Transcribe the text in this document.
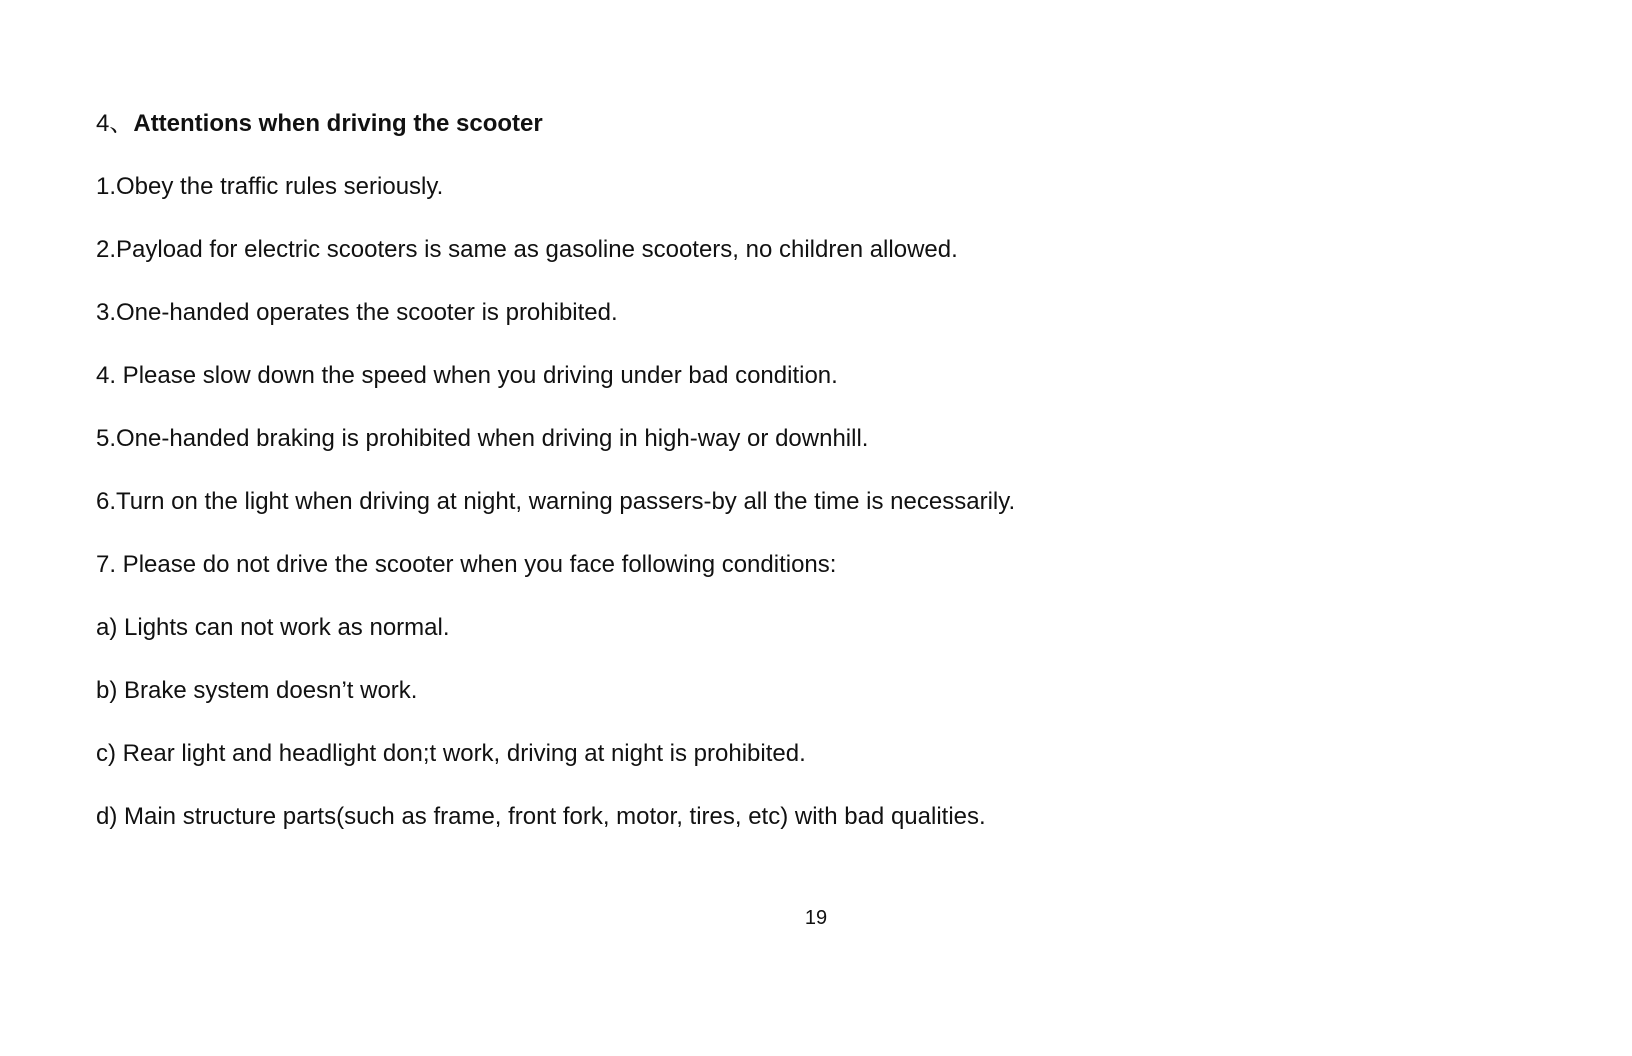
4、Attentions when driving the scooter
1.Obey the traffic rules seriously.
2.Payload for electric scooters is same as gasoline scooters, no children allowed.
3.One-handed operates the scooter is prohibited.
4. Please slow down the speed when you driving under bad condition.
5.One-handed braking is prohibited when driving in high-way or downhill.
6.Turn on the light when driving at night, warning passers-by all the time is necessarily.
7. Please do not drive the scooter when you face following conditions:
a) Lights can not work as normal.
b) Brake system doesn’t work.
c) Rear light and headlight don;t work, driving at night is prohibited.
d) Main structure parts(such as frame, front fork, motor, tires, etc) with bad qualities.
19
